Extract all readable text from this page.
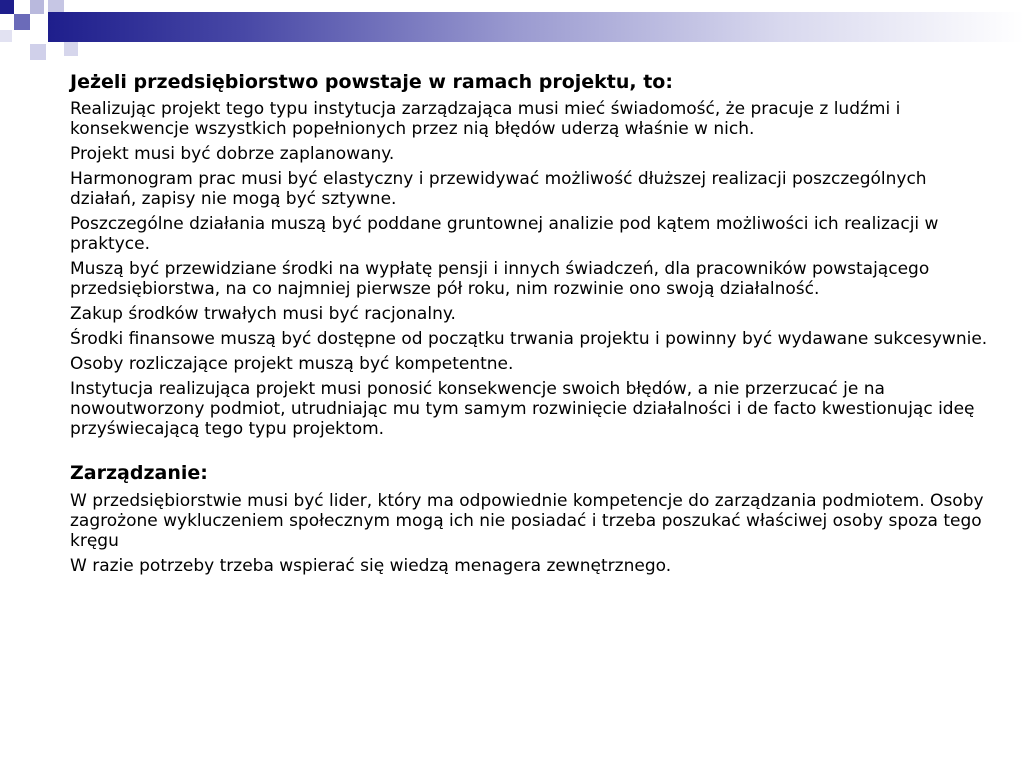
Jeżeli przedsiębiorstwo powstaje w ramach projektu, to:

Realizując projekt tego typu instytucja zarządzająca musi mieć świadomość, że pracuje z ludźmi i konsekwencje wszystkich popełnionych przez nią błędów uderzą właśnie w nich.

Projekt musi być dobrze zaplanowany.

Harmonogram prac musi być elastyczny i przewidywać możliwość dłuższej realizacji poszczególnych działań, zapisy nie mogą być sztywne.

Poszczególne działania muszą być poddane gruntownej analizie pod kątem możliwości ich realizacji w praktyce.

Muszą być przewidziane środki na wypłatę pensji i innych świadczeń, dla pracowników powstającego przedsiębiorstwa, na co najmniej pierwsze pół roku, nim rozwinie ono swoją działalność.

Zakup środków trwałych musi być racjonalny.

Środki finansowe muszą być dostępne od początku trwania projektu i powinny być wydawane sukcesywnie.

Osoby rozliczające projekt muszą być kompetentne.

Instytucja realizująca projekt musi ponosić konsekwencje swoich błędów, a nie przerzucać je na nowoutworzony podmiot, utrudniając mu tym samym rozwinięcie działalności i de facto kwestionując ideę przyświecającą tego typu projektom.

Zarządzanie:

W przedsiębiorstwie musi być lider, który ma odpowiednie kompetencje do zarządzania podmiotem. Osoby zagrożone wykluczeniem społecznym mogą ich nie posiadać i trzeba poszukać właściwej osoby spoza tego kręgu

W razie potrzeby trzeba wspierać się wiedzą menagera zewnętrznego.
